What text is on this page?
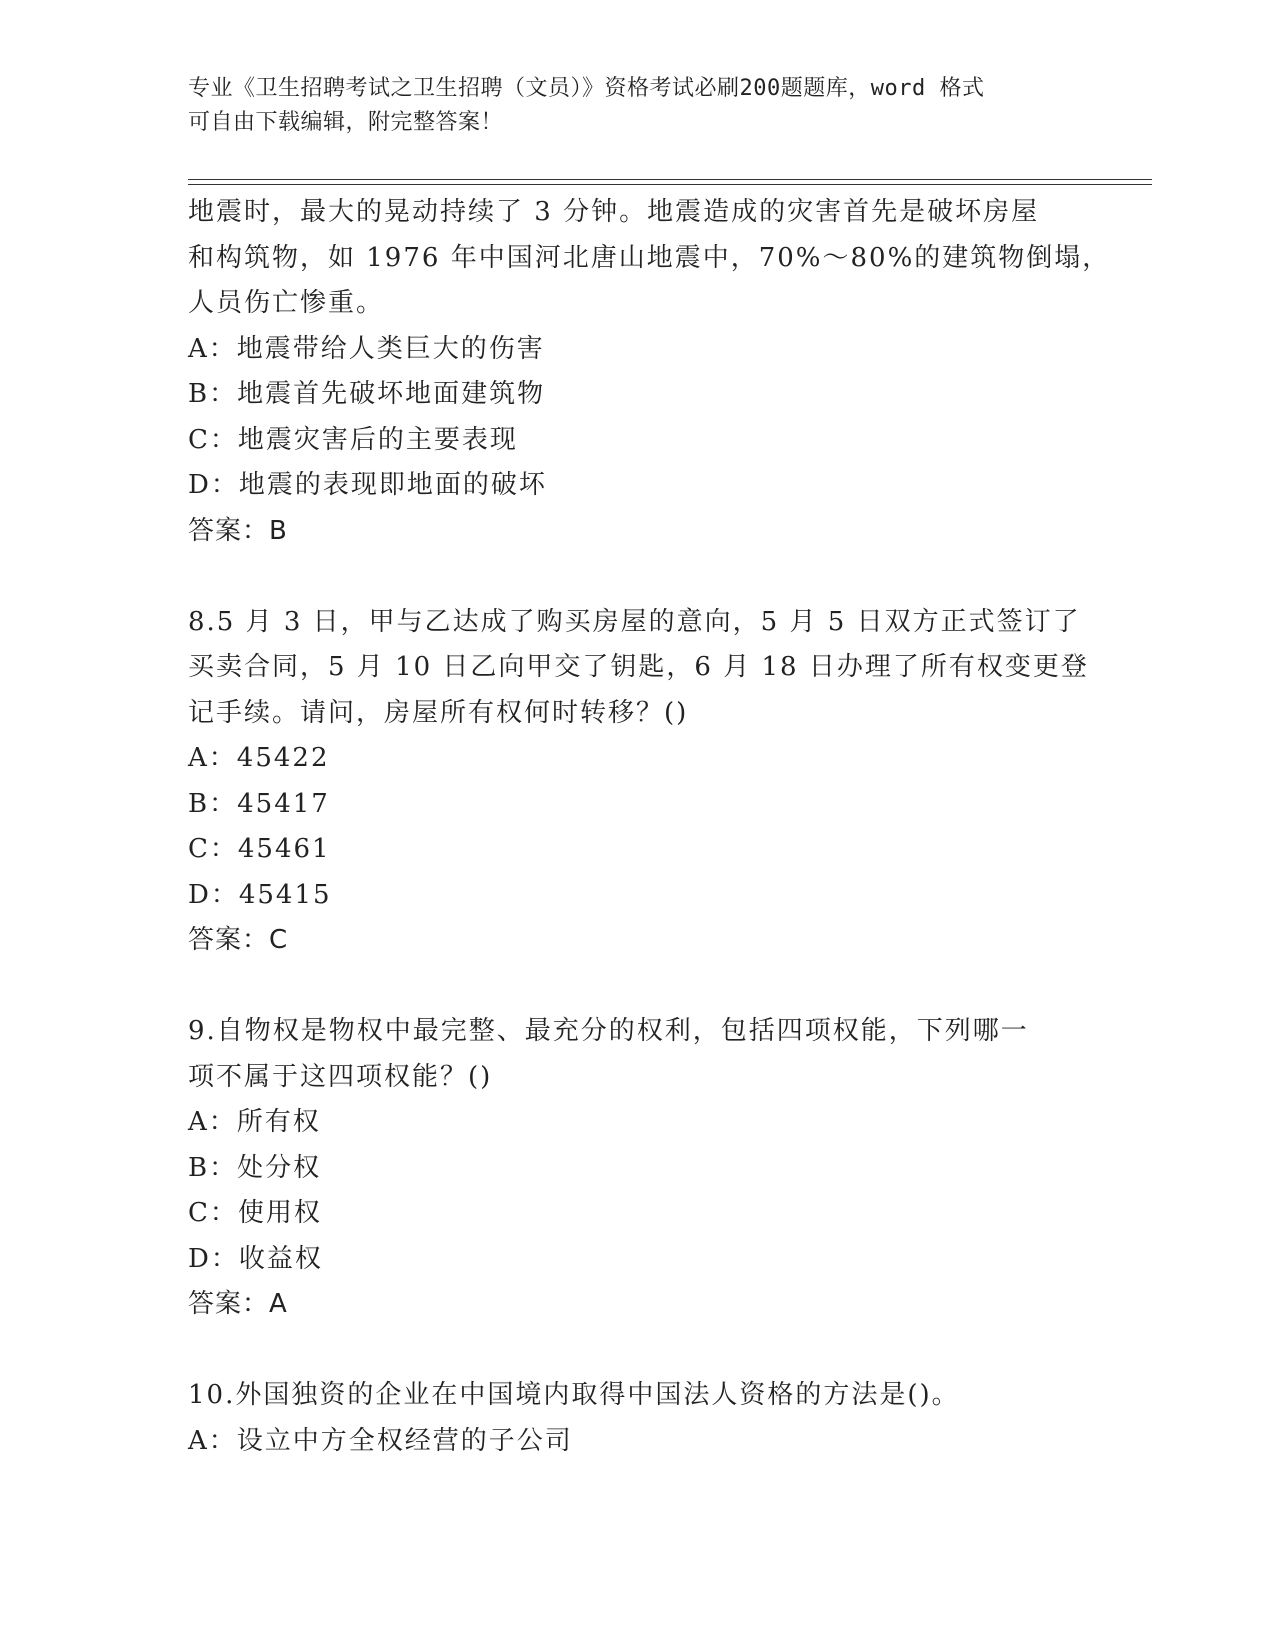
专业《卫生招聘考试之卫生招聘（文员）》资格考试必刷200题题库，word 格式
可自由下载编辑，附完整答案！
地震时，最大的晃动持续了 3 分钟。地震造成的灾害首先是破坏房屋
和构筑物，如 1976 年中国河北唐山地震中，70%～80%的建筑物倒塌，
人员伤亡惨重。
A：地震带给人类巨大的伤害
B：地震首先破坏地面建筑物
C：地震灾害后的主要表现
D：地震的表现即地面的破坏
答案：B
8.5 月 3 日，甲与乙达成了购买房屋的意向，5 月 5 日双方正式签订了
买卖合同，5 月 10 日乙向甲交了钥匙，6 月 18 日办理了所有权变更登
记手续。请问，房屋所有权何时转移？()
A：45422
B：45417
C：45461
D：45415
答案：C
9.自物权是物权中最完整、最充分的权利，包括四项权能，下列哪一
项不属于这四项权能？()
A：所有权
B：处分权
C：使用权
D：收益权
答案：A
10.外国独资的企业在中国境内取得中国法人资格的方法是()。
A：设立中方全权经营的子公司
